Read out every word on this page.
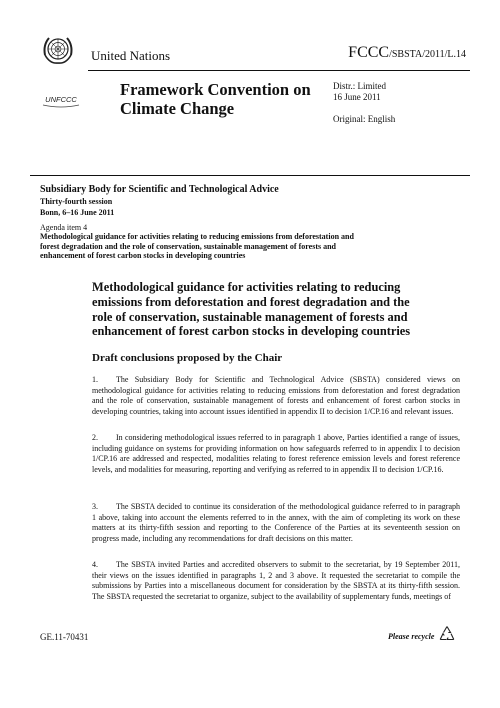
United Nations	FCCC/SBSTA/2011/L.14
UNFCCC
Framework Convention on
Climate Change
Distr.: Limited
16 June 2011
Original: English
Subsidiary Body for Scientific and Technological Advice
Thirty-fourth session
Bonn, 6–16 June 2011
Agenda item 4
Methodological guidance for activities relating to reducing emissions from deforestation and forest degradation and the role of conservation, sustainable management of forests and enhancement of forest carbon stocks in developing countries
Methodological guidance for activities relating to reducing emissions from deforestation and forest degradation and the role of conservation, sustainable management of forests and enhancement of forest carbon stocks in developing countries
Draft conclusions proposed by the Chair
1. The Subsidiary Body for Scientific and Technological Advice (SBSTA) considered views on methodological guidance for activities relating to reducing emissions from deforestation and forest degradation and the role of conservation, sustainable management of forests and enhancement of forest carbon stocks in developing countries, taking into account issues identified in appendix II to decision 1/CP.16 and relevant issues.
2. In considering methodological issues referred to in paragraph 1 above, Parties identified a range of issues, including guidance on systems for providing information on how safeguards referred to in appendix I to decision 1/CP.16 are addressed and respected, modalities relating to forest reference emission levels and forest reference levels, and modalities for measuring, reporting and verifying as referred to in appendix II to decision 1/CP.16.
3. The SBSTA decided to continue its consideration of the methodological guidance referred to in paragraph 1 above, taking into account the elements referred to in the annex, with the aim of completing its work on these matters at its thirty-fifth session and reporting to the Conference of the Parties at its seventeenth session on progress made, including any recommendations for draft decisions on this matter.
4. The SBSTA invited Parties and accredited observers to submit to the secretariat, by 19 September 2011, their views on the issues identified in paragraphs 1, 2 and 3 above. It requested the secretariat to compile the submissions by Parties into a miscellaneous document for consideration by the SBSTA at its thirty-fifth session. The SBSTA requested the secretariat to organize, subject to the availability of supplementary funds, meetings of
GE.11-70431	Please recycle
